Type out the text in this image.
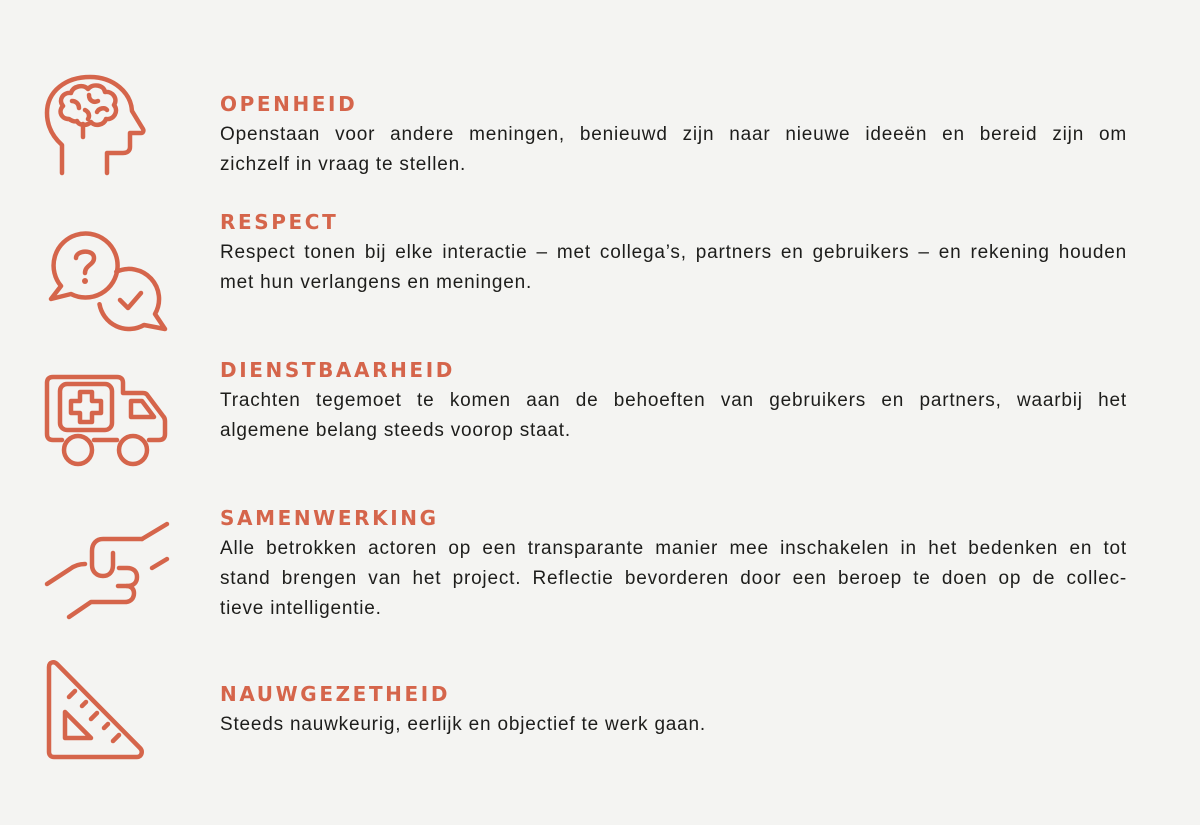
OPENHEID
Openstaan voor andere meningen, benieuwd zijn naar nieuwe ideeën en bereid zijn om
zichzelf in vraag te stellen.
RESPECT
Respect tonen bij elke interactie – met collega’s, partners en gebruikers – en rekening houden
met hun verlangens en meningen.
DIENSTBAARHEID
Trachten tegemoet te komen aan de behoeften van gebruikers en partners, waarbij het
algemene belang steeds voorop staat.
SAMENWERKING
Alle betrokken actoren op een transparante manier mee inschakelen in het bedenken en tot
stand brengen van het project. Reflectie bevorderen door een beroep te doen op de collec-
tieve intelligentie.
NAUWGEZETHEID
Steeds nauwkeurig, eerlijk en objectief te werk gaan.
